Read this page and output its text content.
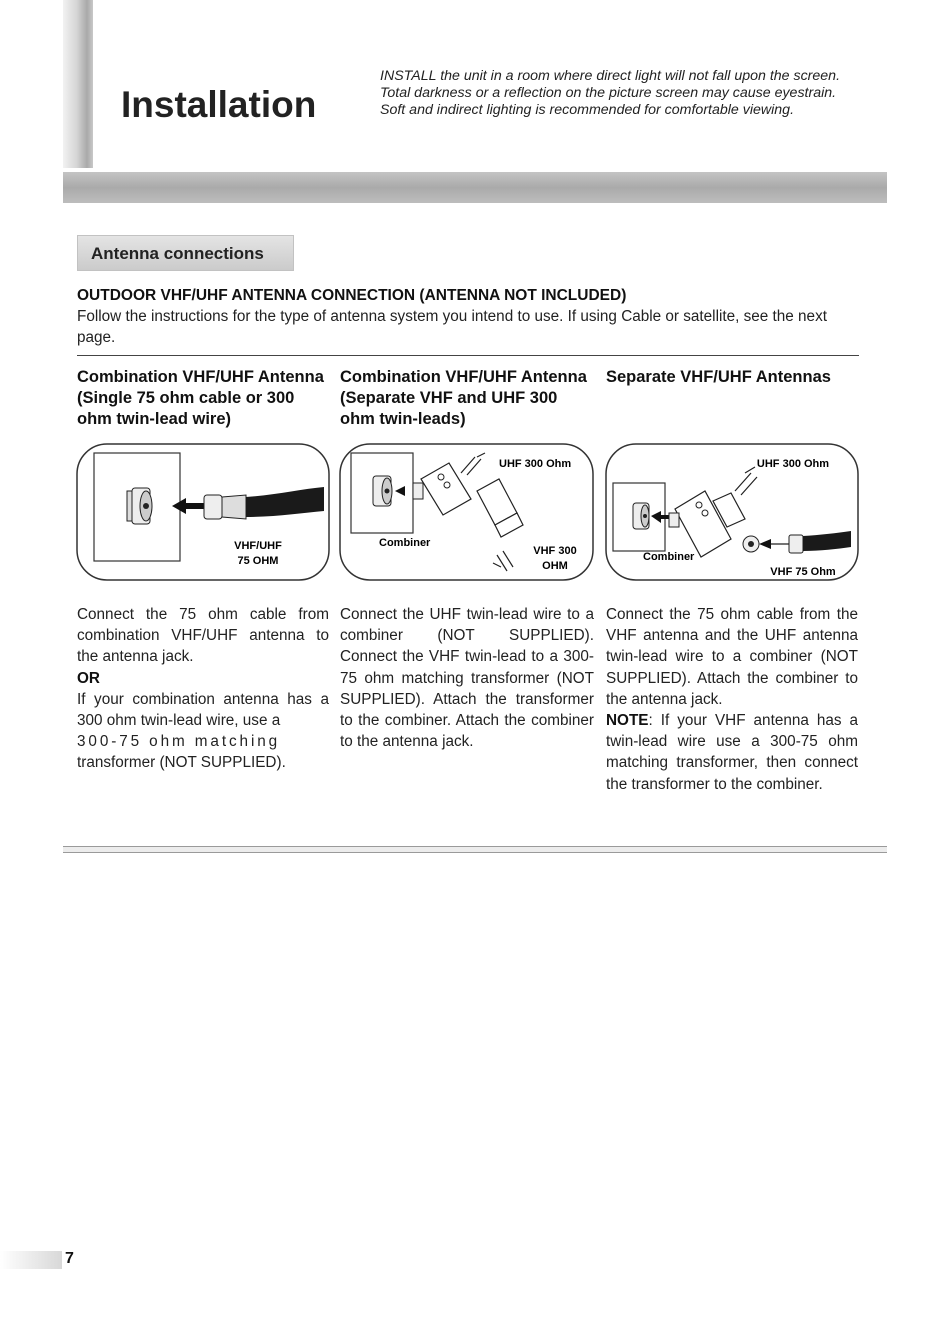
Installation
INSTALL the unit in a room where direct light will not fall upon the screen.
Total darkness or a reflection on the picture screen may cause eyestrain.
Soft and indirect lighting is recommended for comfortable viewing.
Antenna connections
OUTDOOR VHF/UHF ANTENNA CONNECTION (ANTENNA NOT INCLUDED)
Follow the instructions for the type of antenna system you intend to use. If using Cable or satellite, see the next page.
Combination VHF/UHF Antenna (Single 75 ohm cable or 300 ohm twin-lead wire)
Combination VHF/UHF Antenna (Separate VHF and UHF 300 ohm twin-leads)
Separate VHF/UHF Antennas
VHF/UHF
75 OHM
UHF 300 Ohm
Combiner
VHF 300
OHM
UHF 300 Ohm
Combiner
VHF 75 Ohm

Connect the 75 ohm cable from combination VHF/UHF antenna to the antenna jack.

OR

If your combination antenna has a 300 ohm twin-lead wire, use a

300-75 ohm matching

transformer (NOT SUPPLIED).

Connect the UHF twin-lead wire to a combiner (NOT SUPPLIED). Connect the VHF twin-lead to a 300-75 ohm matching transformer (NOT SUPPLIED). Attach the transformer to the combiner. Attach the combiner to the antenna jack.

Connect the 75 ohm cable from the VHF antenna and the UHF antenna twin-lead wire to a combiner (NOT SUPPLIED). Attach the combiner to the antenna jack.

NOTE: If your VHF antenna has a twin-lead wire use a 300-75 ohm matching transformer, then connect the transformer to the combiner.

7
